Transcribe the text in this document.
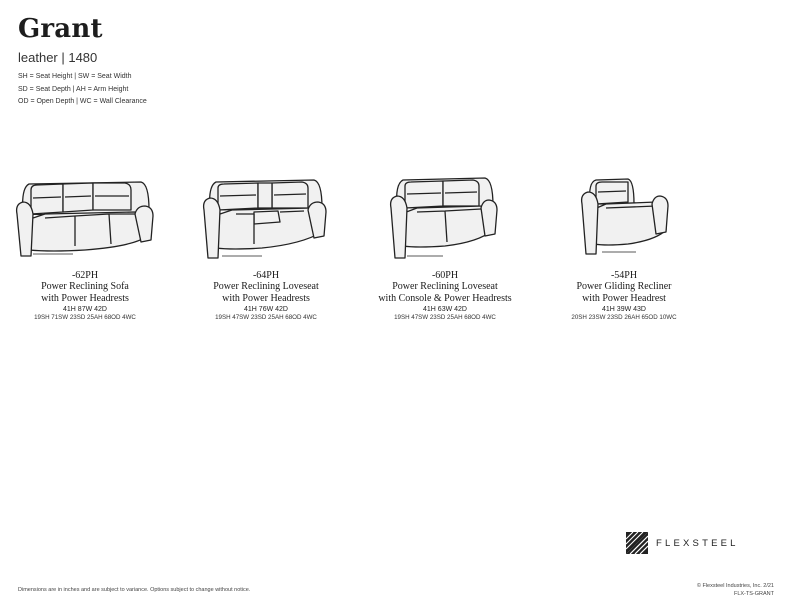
Grant
leather | 1480
SH = Seat Height | SW = Seat Width
SD = Seat Depth | AH = Arm Height
OD = Open Depth | WC = Wall Clearance
-62PH
Power Reclining Sofa
with Power Headrests
41H 87W 42D
19SH 71SW 23SD 25AH 68OD 4WC
-64PH
Power Reclining Loveseat
with Power Headrests
41H 76W 42D
19SH 47SW 23SD 25AH 68OD 4WC
-60PH
Power Reclining Loveseat
with Console & Power Headrests
41H 63W 42D
19SH 47SW 23SD 25AH 68OD 4WC
-54PH
Power Gliding Recliner
with Power Headrest
41H 39W 43D
20SH 23SW 23SD 26AH 65OD 10WC
FLEXSTEEL
Dimensions are in inches and are subject to variance. Options subject to change without notice.
© Flexsteel Industries, Inc. 2/21
FLX-TS-GRANT
